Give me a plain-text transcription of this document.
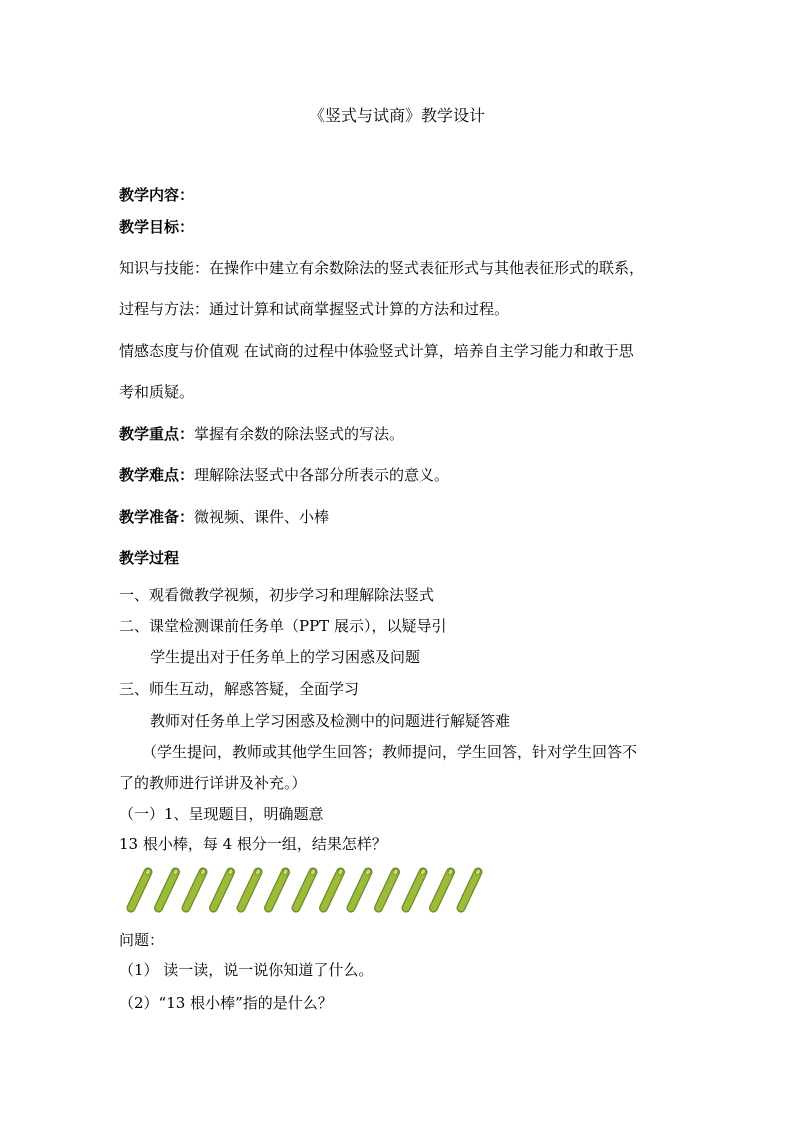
《竖式与试商》教学设计
教学内容：
教学目标：
知识与技能：在操作中建立有余数除法的竖式表征形式与其他表征形式的联系，
过程与方法：通过计算和试商掌握竖式计算的方法和过程。
情感态度与价值观 在试商的过程中体验竖式计算，培养自主学习能力和敢于思
考和质疑。
教学重点：掌握有余数的除法竖式的写法。
教学难点：理解除法竖式中各部分所表示的意义。
教学准备：微视频、课件、小棒
教学过程
一、观看微教学视频，初步学习和理解除法竖式
二、课堂检测课前任务单（PPT 展示），以疑导引
学生提出对于任务单上的学习困惑及问题
三、师生互动，解惑答疑，全面学习
教师对任务单上学习困惑及检测中的问题进行解疑答难
（学生提问，教师或其他学生回答；教师提问，学生回答，针对学生回答不
了的教师进行详讲及补充。）
（一）1、呈现题目，明确题意
13 根小棒，每 4 根分一组，结果怎样？
问题：
（1） 读一读，说一说你知道了什么。
（2）“13 根小棒”指的是什么？
